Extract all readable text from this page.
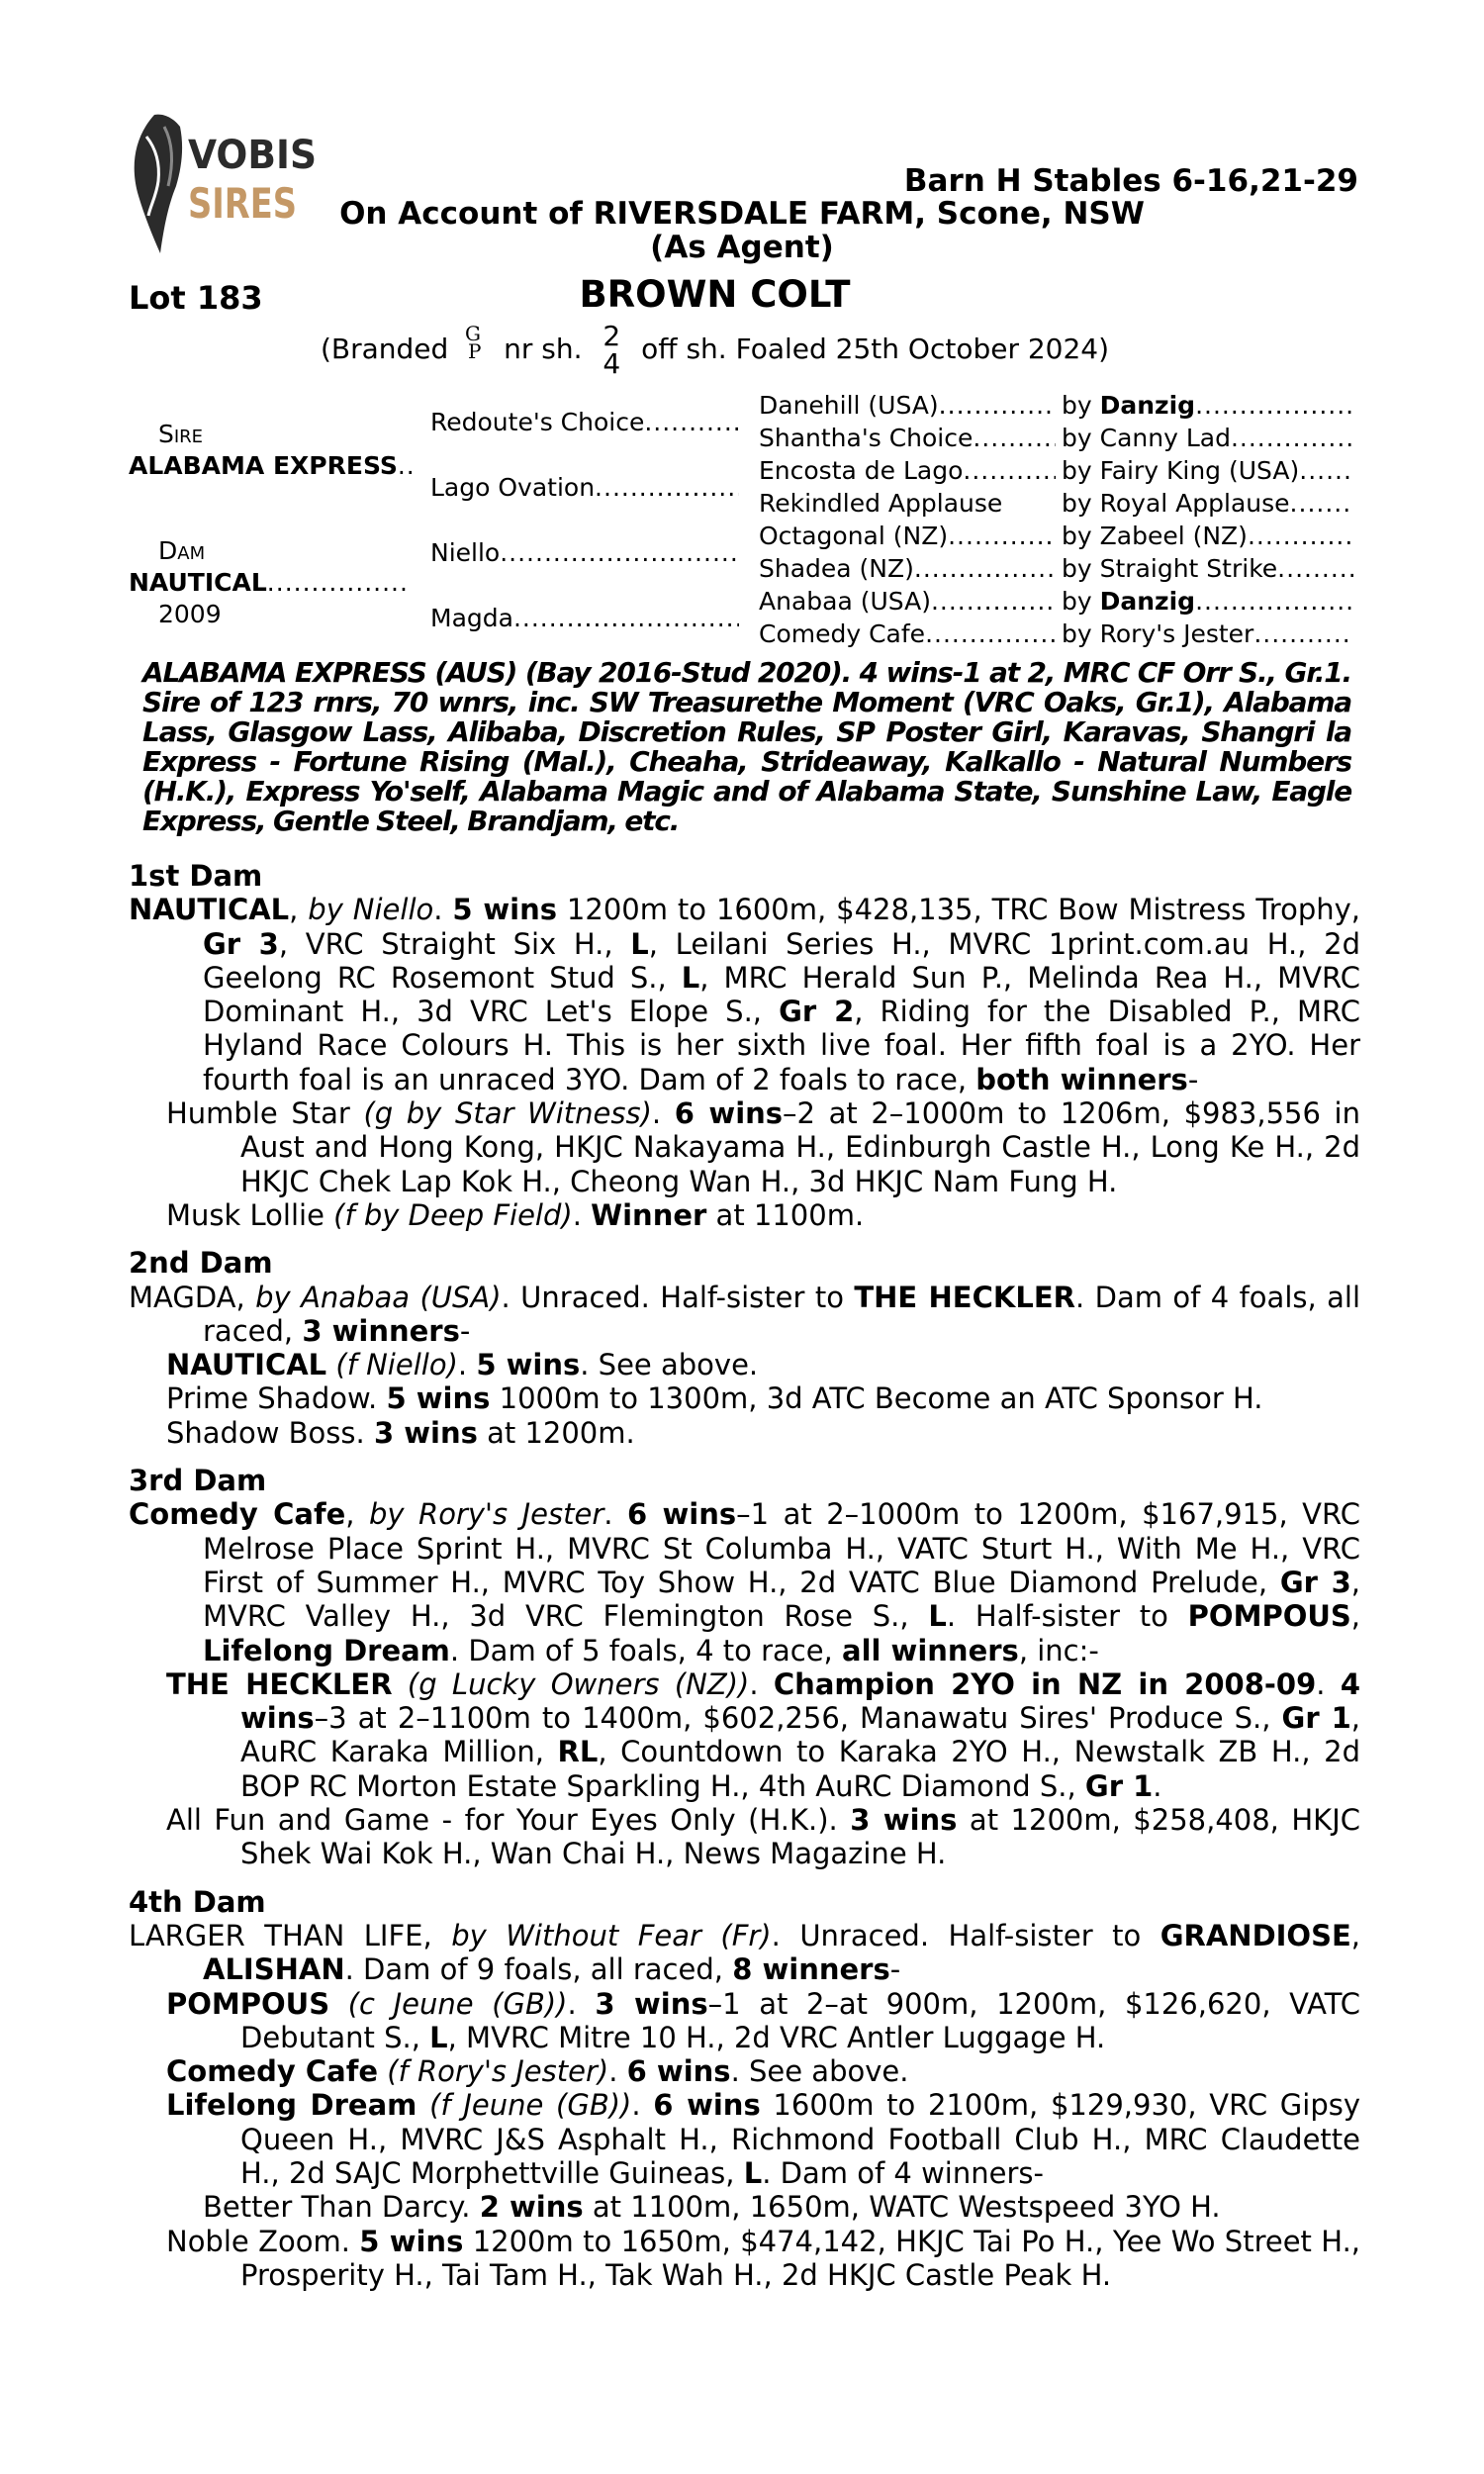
VOBIS
SIRES	Barn H Stables 6-16,21-29
On Account of RIVERSDALE FARM, Scone, NSW
(As Agent)
Lot 183	BROWN COLT
(Branded G
P nr sh. 2
4 off sh. Foaled 25th October 2024)
Sire
ALABAMA EXPRESS
.....
Dam
NAUTICAL
.....
2009
Redoute's Choice
.....
Lago Ovation
.....
Niello
.....
Magda
.....
Danehill (USA)
.....
Shantha's Choice
.....
Encosta de Lago
.....
Rekindled Applause
Octagonal (NZ)
.....
Shadea (NZ)
.....
Anabaa (USA)
.....
Comedy Cafe
.....
by
Danzig
.....
by
Canny Lad
.....
by
Fairy King (USA)
.....
by
Royal Applause
.....
by
Zabeel (NZ)
.....
by
Straight Strike
.....
by
Danzig
.....
by
Rory's Jester
.....
ALABAMA EXPRESS (AUS) (Bay 2016-Stud 2020). 4 wins-1 at 2, MRC CF Orr S., Gr.1. Sire of 123 rnrs, 70 wnrs, inc. SW Treasurethe Moment (VRC Oaks, Gr.1), Alabama Lass, Glasgow Lass, Alibaba, Discretion Rules, SP Poster Girl, Karavas, Shangri la Express - Fortune Rising (Mal.), Cheaha, Strideaway, Kalkallo - Natural Numbers (H.K.), Express Yo'self, Alabama Magic and of Alabama State, Sunshine Law, Eagle Express, Gentle Steel, Brandjam, etc.
1st Dam
NAUTICAL, by Niello. 5 wins 1200m to 1600m, $428,135, TRC Bow Mistress Trophy, Gr 3, VRC Straight Six H., L, Leilani Series H., MVRC 1print.com.au H., 2d Geelong RC Rosemont Stud S., L, MRC Herald Sun P., Melinda Rea H., MVRC Dominant H., 3d VRC Let's Elope S., Gr 2, Riding for the Disabled P., MRC Hyland Race Colours H. This is her sixth live foal. Her fifth foal is a 2YO. Her fourth foal is an unraced 3YO. Dam of 2 foals to race, both winners-
Humble Star (g by Star Witness). 6 wins–2 at 2–1000m to 1206m, $983,556 in Aust and Hong Kong, HKJC Nakayama H., Edinburgh Castle H., Long Ke H., 2d HKJC Chek Lap Kok H., Cheong Wan H., 3d HKJC Nam Fung H.
Musk Lollie (f by Deep Field). Winner at 1100m.
2nd Dam
MAGDA, by Anabaa (USA). Unraced. Half-sister to THE HECKLER. Dam of 4 foals, all raced, 3 winners-
NAUTICAL (f Niello). 5 wins. See above.
Prime Shadow. 5 wins 1000m to 1300m, 3d ATC Become an ATC Sponsor H.
Shadow Boss. 3 wins at 1200m.
3rd Dam
Comedy Cafe, by Rory's Jester. 6 wins–1 at 2–1000m to 1200m, $167,915, VRC Melrose Place Sprint H., MVRC St Columba H., VATC Sturt H., With Me H., VRC First of Summer H., MVRC Toy Show H., 2d VATC Blue Diamond Prelude, Gr 3, MVRC Valley H., 3d VRC Flemington Rose S., L. Half-sister to POMPOUS, Lifelong Dream. Dam of 5 foals, 4 to race, all winners, inc:-
THE HECKLER (g Lucky Owners (NZ)). Champion 2YO in NZ in 2008-09. 4 wins–3 at 2–1100m to 1400m, $602,256, Manawatu Sires' Produce S., Gr 1, AuRC Karaka Million, RL, Countdown to Karaka 2YO H., Newstalk ZB H., 2d BOP RC Morton Estate Sparkling H., 4th AuRC Diamond S., Gr 1.
All Fun and Game - for Your Eyes Only (H.K.). 3 wins at 1200m, $258,408, HKJC Shek Wai Kok H., Wan Chai H., News Magazine H.
4th Dam
LARGER THAN LIFE, by Without Fear (Fr). Unraced. Half-sister to GRANDIOSE, ALISHAN. Dam of 9 foals, all raced, 8 winners-
POMPOUS (c Jeune (GB)). 3 wins–1 at 2–at 900m, 1200m, $126,620, VATC Debutant S., L, MVRC Mitre 10 H., 2d VRC Antler Luggage H.
Comedy Cafe (f Rory's Jester). 6 wins. See above.
Lifelong Dream (f Jeune (GB)). 6 wins 1600m to 2100m, $129,930, VRC Gipsy Queen H., MVRC J&S Asphalt H., Richmond Football Club H., MRC Claudette H., 2d SAJC Morphettville Guineas, L. Dam of 4 winners-
Better Than Darcy. 2 wins at 1100m, 1650m, WATC Westspeed 3YO H.
Noble Zoom. 5 wins 1200m to 1650m, $474,142, HKJC Tai Po H., Yee Wo Street H., Prosperity H., Tai Tam H., Tak Wah H., 2d HKJC Castle Peak H.
